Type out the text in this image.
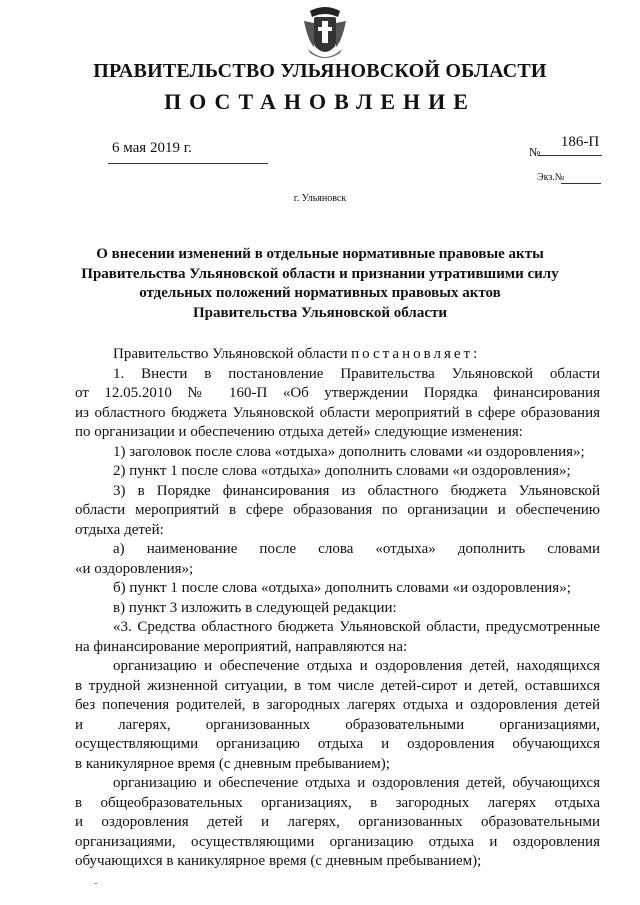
ПРАВИТЕЛЬСТВО УЛЬЯНОВСКОЙ ОБЛАСТИ
ПОСТАНОВЛЕНИЕ
6 мая 2019 г.	№
186-П
Экз.№
г. Ульяновск
О внесении изменений в отдельные нормативные правовые акты
Правительства Ульяновской области и признании утратившими силу
отдельных положений нормативных правовых актов
Правительства Ульяновской области
Правительство Ульяновской области постановляет:
1. Внести в постановление Правительства Ульяновской области
от 12.05.2010 № 160-П «Об утверждении Порядка финансирования
из областного бюджета Ульяновской области мероприятий в сфере образования
по организации и обеспечению отдыха детей» следующие изменения:
1) заголовок после слова «отдыха» дополнить словами «и оздоровления»;
2) пункт 1 после слова «отдыха» дополнить словами «и оздоровления»;
3) в Порядке финансирования из областного бюджета Ульяновской
области мероприятий в сфере образования по организации и обеспечению
отдыха детей:
а) наименование после слова «отдыха» дополнить словами
«и оздоровления»;
б) пункт 1 после слова «отдыха» дополнить словами «и оздоровления»;
в) пункт 3 изложить в следующей редакции:
«3. Средства областного бюджета Ульяновской области, предусмотренные
на финансирование мероприятий, направляются на:
организацию и обеспечение отдыха и оздоровления детей, находящихся
в трудной жизненной ситуации, в том числе детей-сирот и детей, оставшихся
без попечения родителей, в загородных лагерях отдыха и оздоровления детей
и лагерях, организованных образовательными организациями,
осуществляющими организацию отдыха и оздоровления обучающихся
в каникулярное время (с дневным пребыванием);
организацию и обеспечение отдыха и оздоровления детей, обучающихся
в общеобразовательных организациях, в загородных лагерях отдыха
и оздоровления детей и лагерях, организованных образовательными
организациями, осуществляющими организацию отдыха и оздоровления
обучающихся в каникулярное время (с дневным пребыванием);
-
